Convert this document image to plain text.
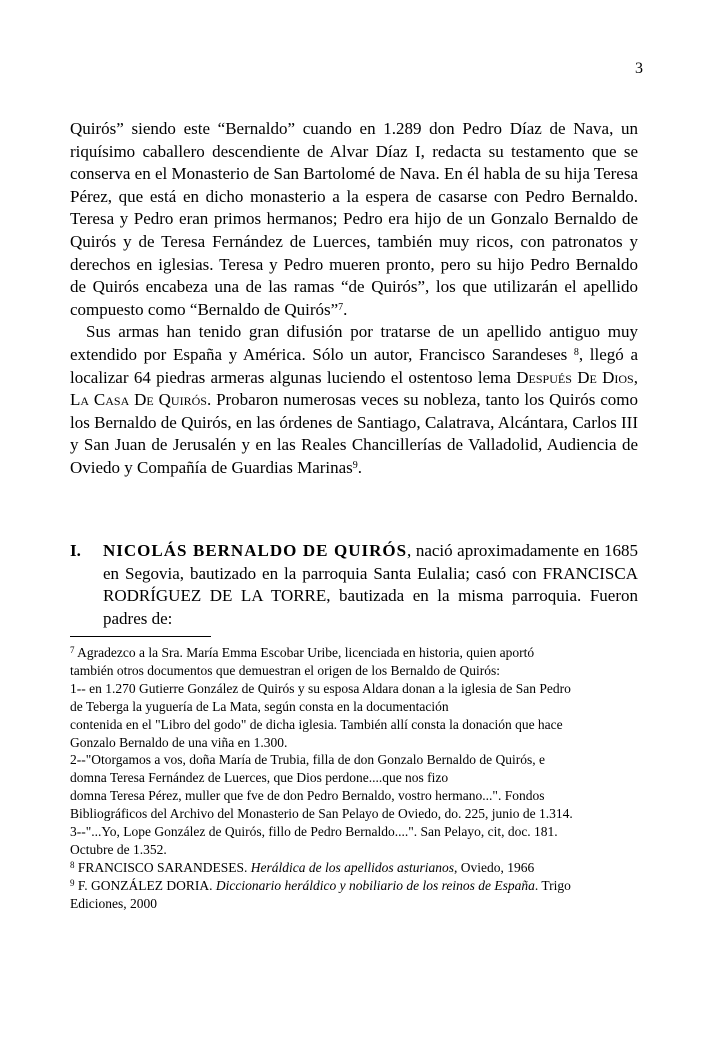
3

Quirós” siendo este “Bernaldo” cuando en 1.289 don Pedro Díaz de Nava, un riquísimo caballero descendiente de Alvar Díaz I, redacta su testamento que se conserva en el Monasterio de San Bartolomé de Nava. En él habla de su hija Teresa Pérez, que está en dicho monasterio a la espera de casarse con Pedro Bernaldo. Teresa y Pedro eran primos hermanos; Pedro era hijo de un Gonzalo Bernaldo de Quirós y de Teresa Fernández de Luerces, también muy ricos, con patronatos y derechos en iglesias. Teresa y Pedro mueren pronto, pero su hijo Pedro Bernaldo de Quirós encabeza una de las ramas “de Quirós”, los que utilizarán el apellido compuesto como “Bernaldo de Quirós”$^7$.

Sus armas han tenido gran difusión por tratarse de un apellido antiguo muy extendido por España y América. Sólo un autor, Francisco Sarandeses $^8$, llegó a localizar 64 piedras armeras algunas luciendo el ostentoso lema Después De Dios, La Casa De Quirós. Probaron numerosas veces su nobleza, tanto los Quirós como los Bernaldo de Quirós, en las órdenes de Santiago, Calatrava, Alcántara, Carlos III y San Juan de Jerusalén y en las Reales Chancillerías de Valladolid, Audiencia de Oviedo y Compañía de Guardias Marinas$^9$.

I. NICOLÁS BERNALDO DE QUIRÓS, nació aproximadamente en 1685 en Segovia, bautizado en la parroquia Santa Eulalia; casó con FRANCISCA RODRÍGUEZ DE LA TORRE, bautizada en la misma parroquia. Fueron padres de:

$^7$ Agradezco a la Sra. María Emma Escobar Uribe, licenciada en historia, quien aportó

también otros documentos que demuestran el origen de los Bernaldo de Quirós:

1-- en 1.270 Gutierre González de Quirós y su esposa Aldara donan a la iglesia de San Pedro

de Teberga la yuguería de La Mata, según consta en la documentación

contenida en el "Libro del godo" de dicha iglesia. También allí consta la donación que hace

Gonzalo Bernaldo de una viña en 1.300.

2--"Otorgamos a vos, doña María de Trubia, filla de don Gonzalo Bernaldo de Quirós, e

domna Teresa Fernández de Luerces, que Dios perdone....que nos fizo

domna Teresa Pérez, muller que fve de don Pedro Bernaldo, vostro hermano...". Fondos

Bibliográficos del Archivo del Monasterio de San Pelayo de Oviedo, do. 225, junio de 1.314.

3--"...Yo, Lope González de Quirós, fillo de Pedro Bernaldo....". San Pelayo, cit, doc. 181.

Octubre de 1.352.

$^8$ FRANCISCO SARANDESES. Heráldica de los apellidos asturianos, Oviedo, 1966

$^9$ F. GONZÁLEZ DORIA. Diccionario heráldico y nobiliario de los reinos de España. Trigo

Ediciones, 2000
